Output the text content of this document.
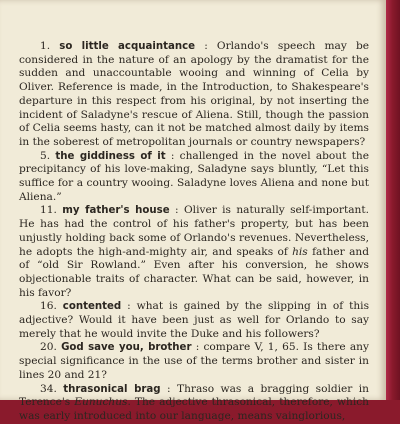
1. so little acquaintance : Orlando's speech may be considered in the nature of an apology by the dramatist for the sudden and unaccountable wooing and winning of Celia by Oliver. Reference is made, in the Introduction, to Shakespeare's departure in this respect from his original, by not inserting the incident of Saladyne's rescue of Aliena. Still, though the passion of Celia seems hasty, can it not be matched almost daily by items in the soberest of metropolitan journals or country newspapers?

5. the giddiness of it : challenged in the novel about the precipitancy of his love-making, Saladyne says bluntly, “Let this suffice for a country wooing. Saladyne loves Aliena and none but Aliena.”

11. my father's house : Oliver is naturally self-important. He has had the control of his father's property, but has been unjustly holding back some of Orlando's revenues. Nevertheless, he adopts the high-and-mighty air, and speaks of his father and of “old Sir Rowland.” Even after his conversion, he shows objectionable traits of character. What can be said, however, in his favor?

16. contented : what is gained by the slipping in of this adjective? Would it have been just as well for Orlando to say merely that he would invite the Duke and his followers?

20. God save you, brother : compare V, 1, 65. Is there any special significance in the use of the terms brother and sister in lines 20 and 21?

34. thrasonical brag : Thraso was a bragging soldier in Terence's Eunuchus. The adjective thrasonical, therefore, which was early introduced into our language, means vainglorious,
